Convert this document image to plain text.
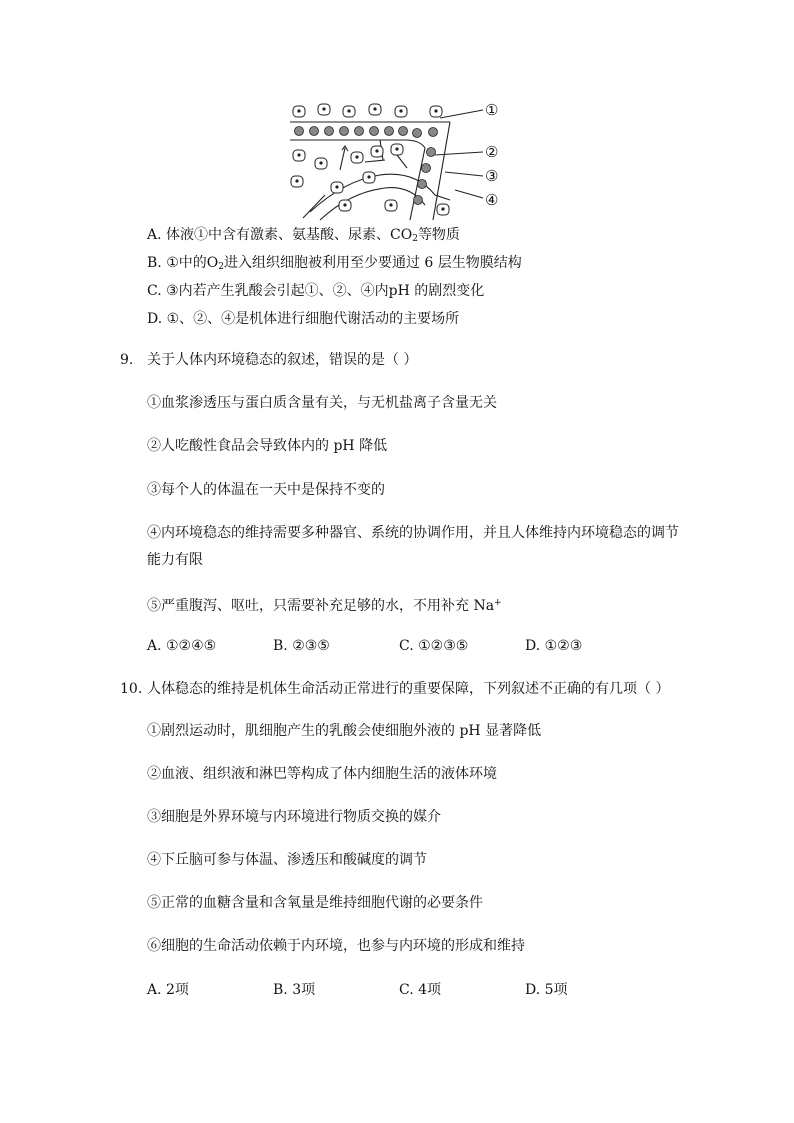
①
②
③
④
A. 体液①中含有激素、氨基酸、尿素、$CO_2$等物质
B. ①中的$O_2$进入组织细胞被利用至少要通过 6 层生物膜结构
C. ③内若产生乳酸会引起①、②、④内pH 的剧烈变化
D. ①、②、④是机体进行细胞代谢活动的主要场所
9. 关于人体内环境稳态的叙述，错误的是（ ）
①血浆渗透压与蛋白质含量有关，与无机盐离子含量无关
②人吃酸性食品会导致体内的 pH 降低
③每个人的体温在一天中是保持不变的
④内环境稳态的维持需要多种器官、系统的协调作用，并且人体维持内环境稳态的调节
能力有限
⑤严重腹泻、呕吐，只需要补充足够的水，不用补充 Na+
A. ①②④⑤	B. ②③⑤	C. ①②③⑤	D. ①②③
10. 人体稳态的维持是机体生命活动正常进行的重要保障，下列叙述不正确的有几项（ ）
①剧烈运动时，肌细胞产生的乳酸会使细胞外液的 pH 显著降低
②血液、组织液和淋巴等构成了体内细胞生活的液体环境
③细胞是外界环境与内环境进行物质交换的媒介
④下丘脑可参与体温、渗透压和酸碱度的调节
⑤正常的血糖含量和含氧量是维持细胞代谢的必要条件
⑥细胞的生命活动依赖于内环境，也参与内环境的形成和维持
A. 2项	B. 3项	C. 4项	D. 5项
